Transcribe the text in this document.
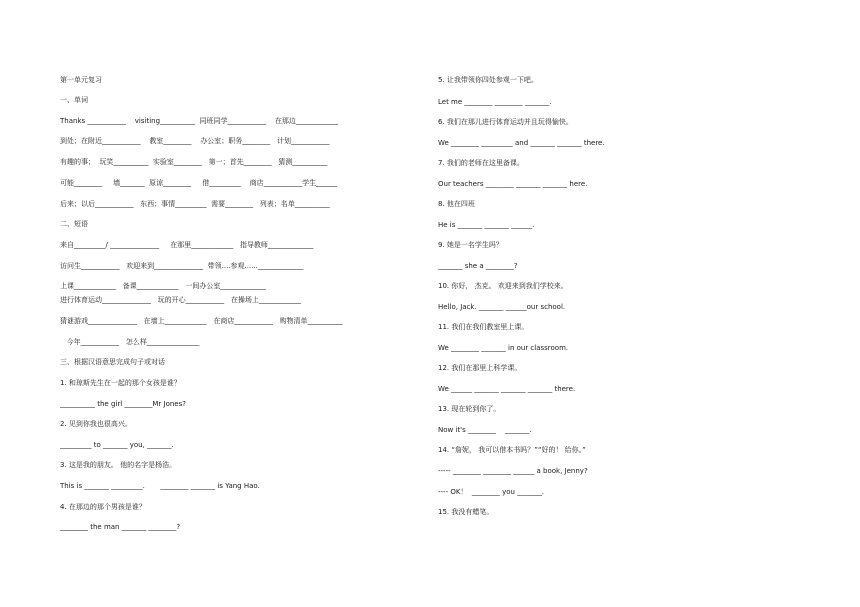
第一单元复习
一、单词
Thanks ___________    visiting__________  同班同学___________    在那边____________
到处；在附近___________    教室________    办公室；职务________   计划___________
有趣的事；  玩笑__________  实验室________   第一；首先________   猜测__________
可能________     墙_______  原谅________     借_________    商店___________学生______
后来；以后___________   东西；事情_________  需要________   列表；名单__________
二、短语
来自_________/ ______________     在那里____________   指导教师_____________
访问生___________   欢迎来到______________  带领....参观......_____________
上课____________   备课____________   一间办公室_____________
进行体育运动______________   玩的开心___________   在操场上____________
猜谜游戏______________   在墙上____________   在商店___________   购物清单__________
今年___________   怎么样_______________
三、根据汉语意思完成句子或对话
1. 和琼斯先生在一起的那个女孩是谁？
__________ the girl ________Mr Jones?
2. 见到你我也很高兴。
_________ to _______ you, _______.
3. 这是我的朋友。 他的名字是杨浩。
This is _______ _________.       ________ _______ is Yang Hao.
4. 在那边的那个男孩是谁？
________ the man _______ ________?
5. 让我带领你四处参观一下吧。
Let me ________ ________ _______.
6. 我们在那儿进行体育运动并且玩得愉快。
We ________ _________ and _______ _______ there.
7. 我们的老师在这里备课。
Our teachers ________ _______ _______ here.
8. 他在四班
He is _______ _______ ______.
9. 她是一名学生吗？
_______ she a ________?
10. 你好， 杰克。 欢迎来到我们学校来。
Hello, Jack. _______ ______our school.
11. 我们在我们教室里上课。
We ________ _______ in our classroom.
12. 我们在那里上科学课。
We ______ _______ _______ _______ there.
13. 现在轮到你了。
Now it's ________    _______.
14. “詹妮， 我可以借本书吗？”“好的！ 给你。”
----- ________ ________ ______ a book, Jenny?
---- OK！  ________ you _______.
15. 我没有蜡笔。
